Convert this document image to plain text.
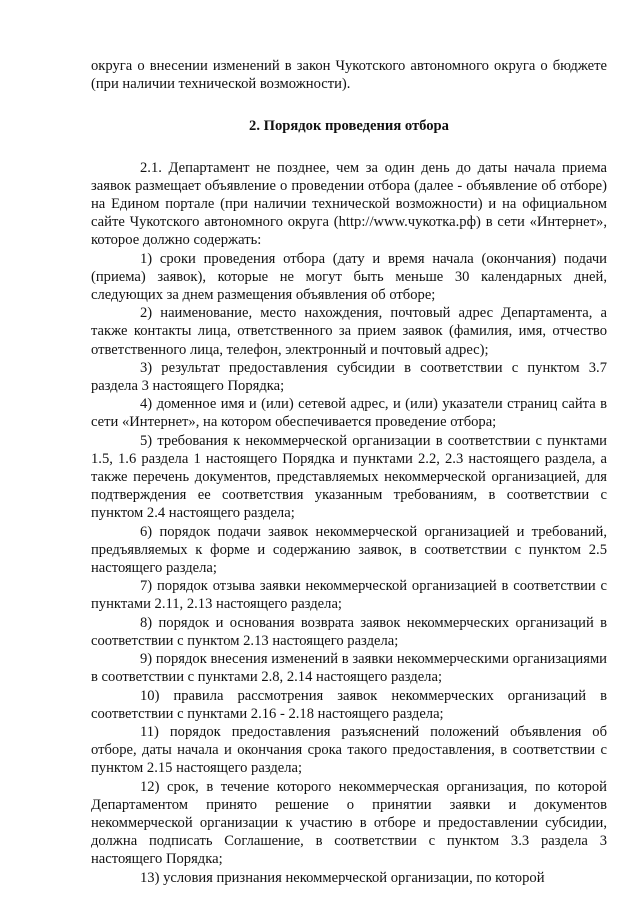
округа о внесении изменений в закон Чукотского автономного округа о бюджете (при наличии технической возможности).

2. Порядок проведения отбора

2.1. Департамент не позднее, чем за один день до даты начала приема заявок размещает объявление о проведении отбора (далее - объявление об отборе) на Едином портале (при наличии технической возможности) и на официальном сайте Чукотского автономного округа (http://www.чукотка.рф) в сети «Интернет», которое должно содержать:

1) сроки проведения отбора (дату и время начала (окончания) подачи (приема) заявок), которые не могут быть меньше 30 календарных дней, следующих за днем размещения объявления об отборе;

2) наименование, место нахождения, почтовый адрес Департамента, а также контакты лица, ответственного за прием заявок (фамилия, имя, отчество ответственного лица, телефон, электронный и почтовый адрес);

3) результат предоставления субсидии в соответствии с пунктом 3.7 раздела 3 настоящего Порядка;

4) доменное имя и (или) сетевой адрес, и (или) указатели страниц сайта в сети «Интернет», на котором обеспечивается проведение отбора;

5) требования к некоммерческой организации в соответствии с пунктами 1.5, 1.6 раздела 1 настоящего Порядка и пунктами 2.2, 2.3 настоящего раздела, а также перечень документов, представляемых некоммерческой организацией, для подтверждения ее соответствия указанным требованиям, в соответствии с пунктом 2.4 настоящего раздела;

6) порядок подачи заявок некоммерческой организацией и требований, предъявляемых к форме и содержанию заявок, в соответствии с пунктом 2.5 настоящего раздела;

7) порядок отзыва заявки некоммерческой организацией в соответствии с пунктами 2.11, 2.13 настоящего раздела;

8) порядок и основания возврата заявок некоммерческих организаций в соответствии с пунктом 2.13 настоящего раздела;

9) порядок внесения изменений в заявки некоммерческими организациями в соответствии с пунктами 2.8, 2.14 настоящего раздела;

10) правила рассмотрения заявок некоммерческих организаций в соответствии с пунктами 2.16 - 2.18 настоящего раздела;

11) порядок предоставления разъяснений положений объявления об отборе, даты начала и окончания срока такого предоставления, в соответствии с пунктом 2.15 настоящего раздела;

12) срок, в течение которого некоммерческая организация, по которой Департаментом принято решение о принятии заявки и документов некоммерческой организации к участию в отборе и предоставлении субсидии, должна подписать Соглашение, в соответствии с пунктом 3.3 раздела 3 настоящего Порядка;

13) условия признания некоммерческой организации, по которой
